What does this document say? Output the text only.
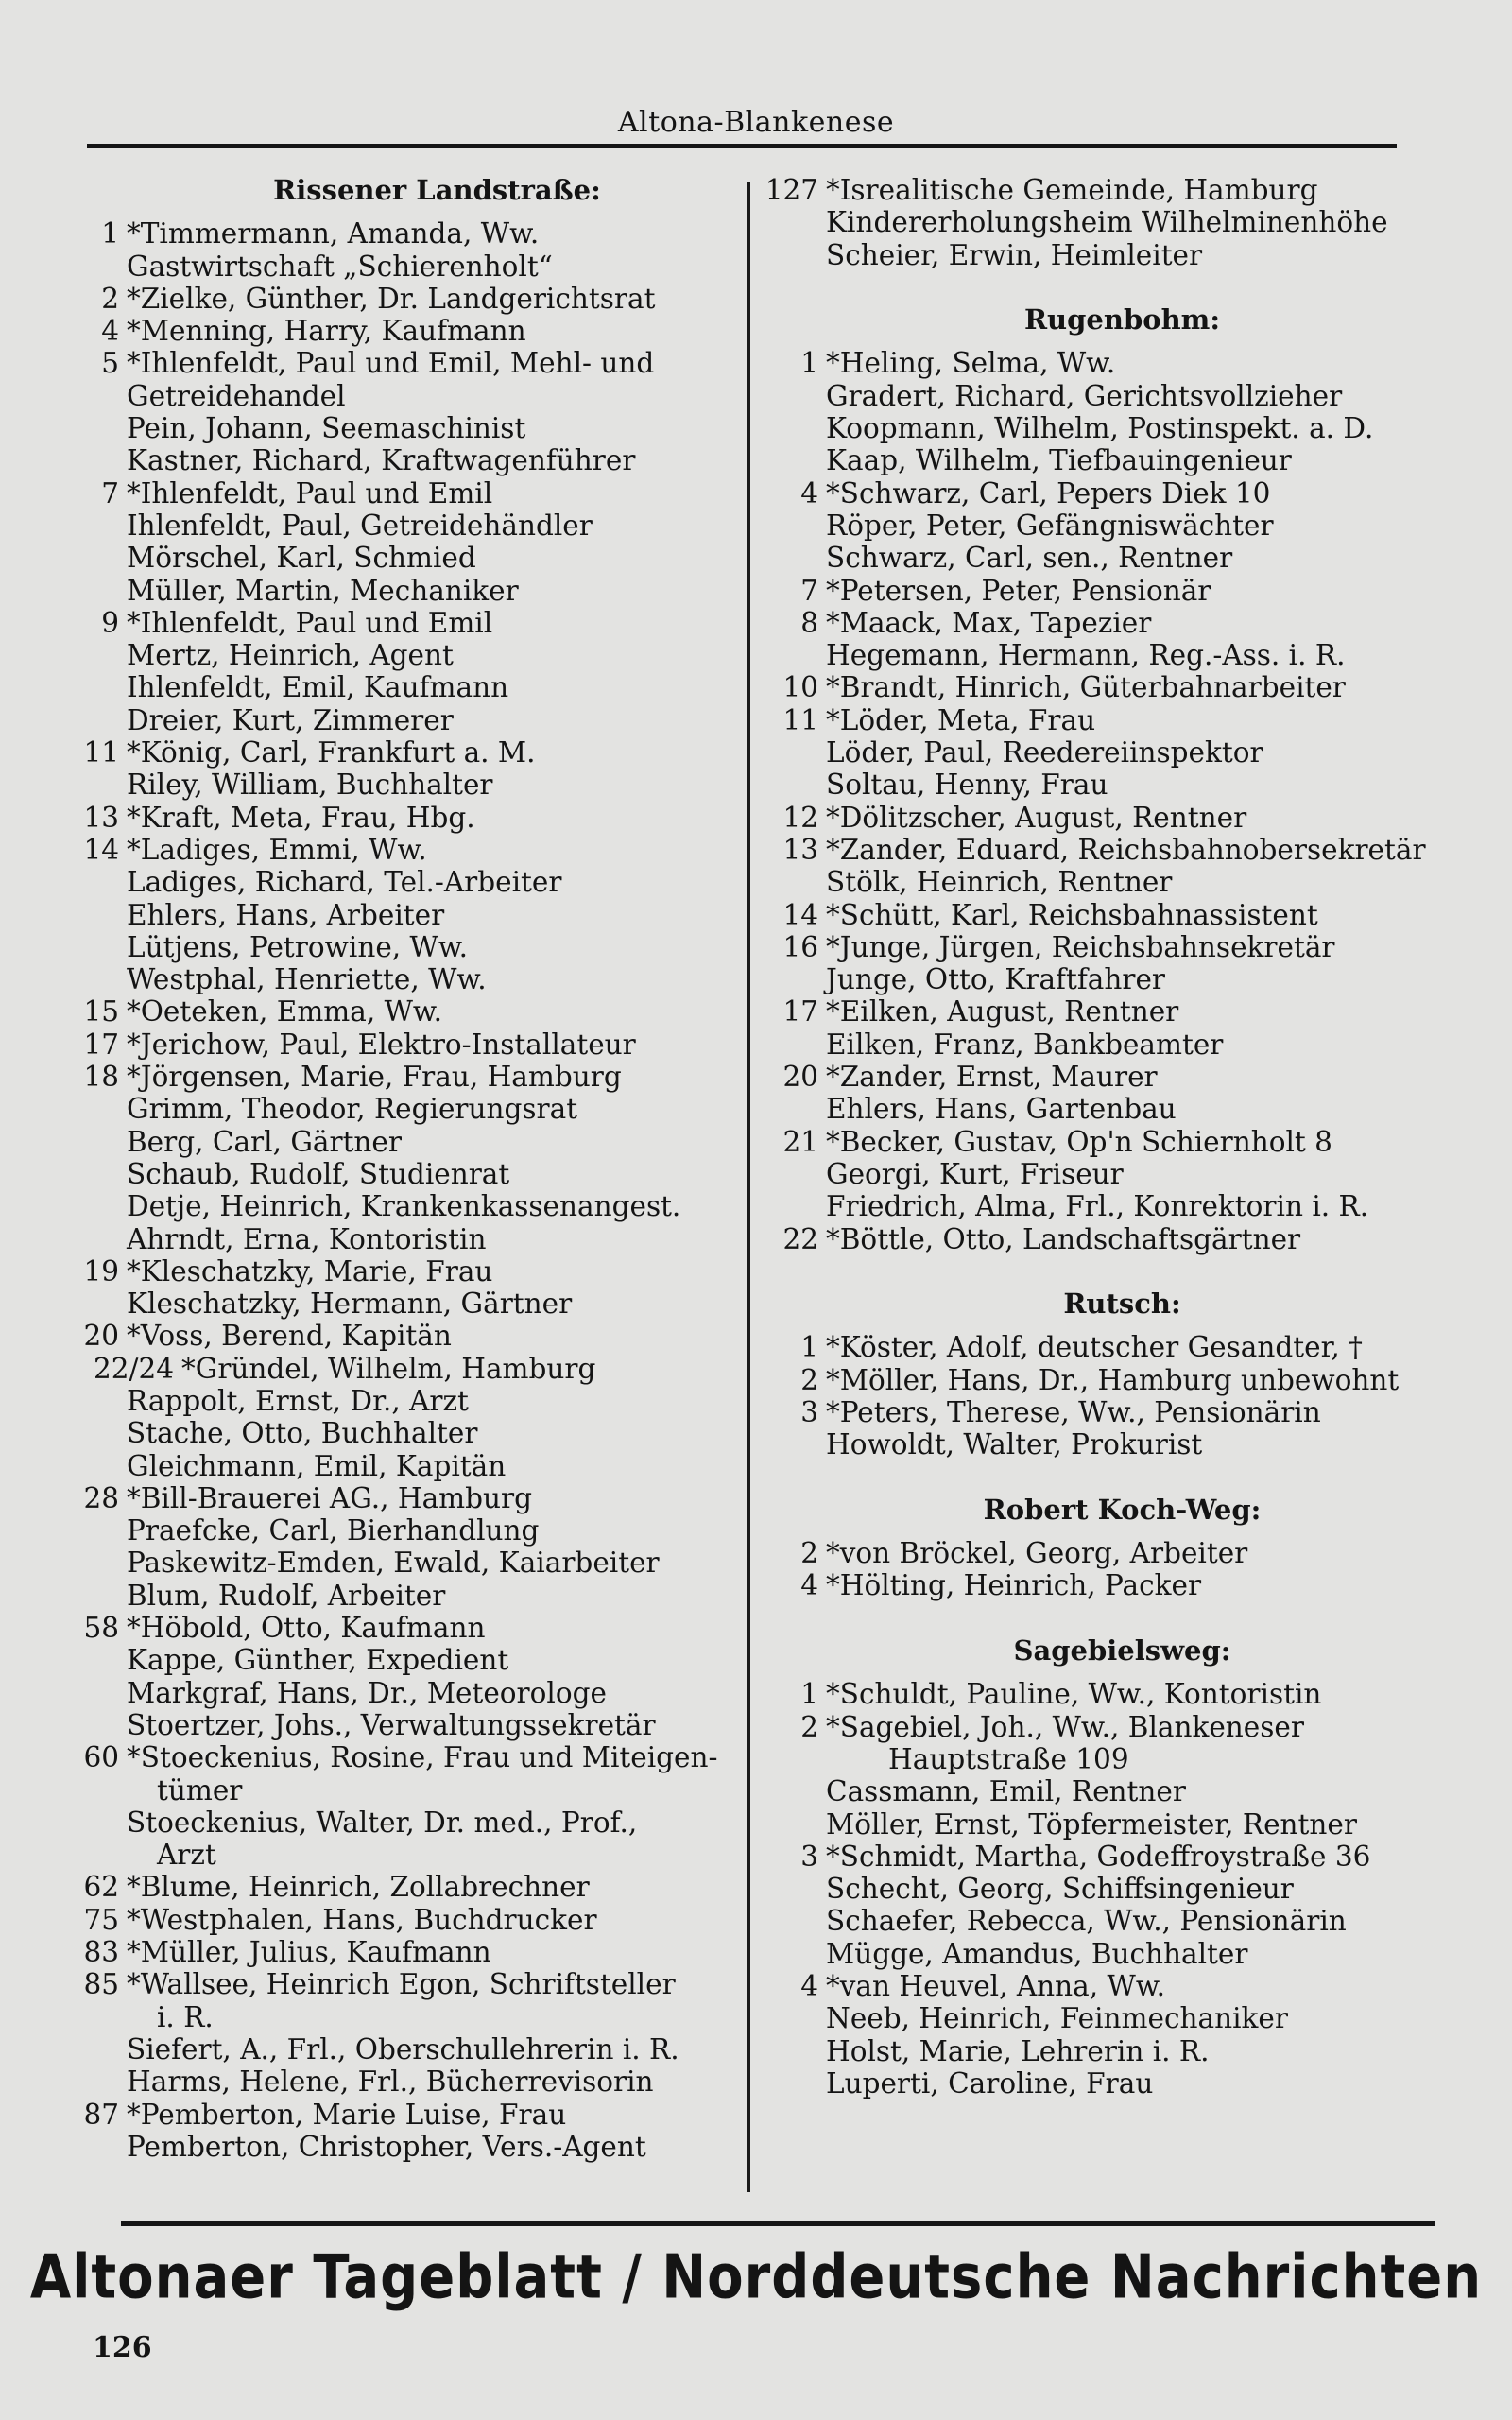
Altona-Blankenese
Rissener Landstraße:
1 *Timmermann, Amanda, Ww.
Gastwirtschaft „Schierenholt“
2 *Zielke, Günther, Dr. Landgerichtsrat
4 *Menning, Harry, Kaufmann
5 *Ihlenfeldt, Paul und Emil, Mehl- und
Getreidehandel
Pein, Johann, Seemaschinist
Kastner, Richard, Kraftwagenführer
7 *Ihlenfeldt, Paul und Emil
Ihlenfeldt, Paul, Getreidehändler
Mörschel, Karl, Schmied
Müller, Martin, Mechaniker
9 *Ihlenfeldt, Paul und Emil
Mertz, Heinrich, Agent
Ihlenfeldt, Emil, Kaufmann
Dreier, Kurt, Zimmerer
11 *König, Carl, Frankfurt a. M.
Riley, William, Buchhalter
13 *Kraft, Meta, Frau, Hbg.
14 *Ladiges, Emmi, Ww.
Ladiges, Richard, Tel.-Arbeiter
Ehlers, Hans, Arbeiter
Lütjens, Petrowine, Ww.
Westphal, Henriette, Ww.
15 *Oeteken, Emma, Ww.
17 *Jerichow, Paul, Elektro-Installateur
18 *Jörgensen, Marie, Frau, Hamburg
Grimm, Theodor, Regierungsrat
Berg, Carl, Gärtner
Schaub, Rudolf, Studienrat
Detje, Heinrich, Krankenkassenangest.
Ahrndt, Erna, Kontoristin
19 *Kleschatzky, Marie, Frau
Kleschatzky, Hermann, Gärtner
20 *Voss, Berend, Kapitän
22/24 *Gründel, Wilhelm, Hamburg
Rappolt, Ernst, Dr., Arzt
Stache, Otto, Buchhalter
Gleichmann, Emil, Kapitän
28 *Bill-Brauerei AG., Hamburg
Praefcke, Carl, Bierhandlung
Paskewitz-Emden, Ewald, Kaiarbeiter
Blum, Rudolf, Arbeiter
58 *Höbold, Otto, Kaufmann
Kappe, Günther, Expedient
Markgraf, Hans, Dr., Meteorologe
Stoertzer, Johs., Verwaltungssekretär
60 *Stoeckenius, Rosine, Frau und Miteigen-
tümer
Stoeckenius, Walter, Dr. med., Prof.,
Arzt
62 *Blume, Heinrich, Zollabrechner
75 *Westphalen, Hans, Buchdrucker
83 *Müller, Julius, Kaufmann
85 *Wallsee, Heinrich Egon, Schriftsteller
i. R.
Siefert, A., Frl., Oberschullehrerin i. R.
Harms, Helene, Frl., Bücherrevisorin
87 *Pemberton, Marie Luise, Frau
Pemberton, Christopher, Vers.-Agent
127 *Isrealitische Gemeinde, Hamburg
Kindererholungsheim Wilhelminenhöhe
Scheier, Erwin, Heimleiter
Rugenbohm:
1 *Heling, Selma, Ww.
Gradert, Richard, Gerichtsvollzieher
Koopmann, Wilhelm, Postinspekt. a. D.
Kaap, Wilhelm, Tiefbauingenieur
4 *Schwarz, Carl, Pepers Diek 10
Röper, Peter, Gefängniswächter
Schwarz, Carl, sen., Rentner
7 *Petersen, Peter, Pensionär
8 *Maack, Max, Tapezier
Hegemann, Hermann, Reg.-Ass. i. R.
10 *Brandt, Hinrich, Güterbahnarbeiter
11 *Löder, Meta, Frau
Löder, Paul, Reedereiinspektor
Soltau, Henny, Frau
12 *Dölitzscher, August, Rentner
13 *Zander, Eduard, Reichsbahnobersekretär
Stölk, Heinrich, Rentner
14 *Schütt, Karl, Reichsbahnassistent
16 *Junge, Jürgen, Reichsbahnsekretär
Junge, Otto, Kraftfahrer
17 *Eilken, August, Rentner
Eilken, Franz, Bankbeamter
20 *Zander, Ernst, Maurer
Ehlers, Hans, Gartenbau
21 *Becker, Gustav, Op'n Schiernholt 8
Georgi, Kurt, Friseur
Friedrich, Alma, Frl., Konrektorin i. R.
22 *Böttle, Otto, Landschaftsgärtner
Rutsch:
1 *Köster, Adolf, deutscher Gesandter, †
2 *Möller, Hans, Dr., Hamburg unbewohnt
3 *Peters, Therese, Ww., Pensionärin
Howoldt, Walter, Prokurist
Robert Koch-Weg:
2 *von Bröckel, Georg, Arbeiter
4 *Hölting, Heinrich, Packer
Sagebielsweg:
1 *Schuldt, Pauline, Ww., Kontoristin
2 *Sagebiel, Joh., Ww., Blankeneser
Hauptstraße 109
Cassmann, Emil, Rentner
Möller, Ernst, Töpfermeister, Rentner
3 *Schmidt, Martha, Godeffroystraße 36
Schecht, Georg, Schiffsingenieur
Schaefer, Rebecca, Ww., Pensionärin
Mügge, Amandus, Buchhalter
4 *van Heuvel, Anna, Ww.
Neeb, Heinrich, Feinmechaniker
Holst, Marie, Lehrerin i. R.
Luperti, Caroline, Frau
Altonaer Tageblatt / Norddeutsche Nachrichten
126
